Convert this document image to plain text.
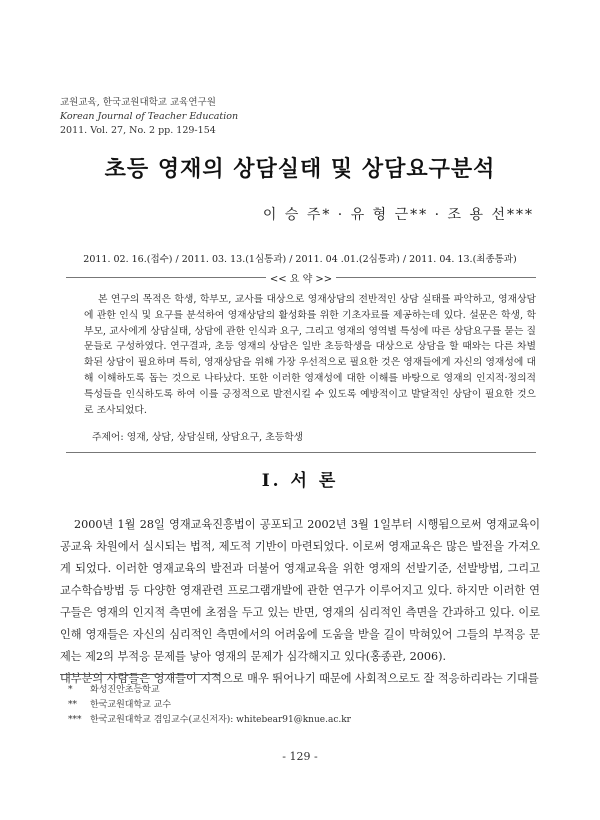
교원교육, 한국교원대학교 교육연구원
Korean Journal of Teacher Education
2011. Vol. 27, No. 2 pp. 129-154
초등 영재의 상담실태 및 상담요구분석
이 승 주* · 유 형 근** · 조 용 선***
2011. 02. 16.(접수) / 2011. 03. 13.(1심통과) / 2011. 04 .01.(2심통과) / 2011. 04. 13.(최종통과)
<< 요 약 >>

본 연구의 목적은 학생, 학부모, 교사를 대상으로 영재상담의 전반적인 상담 실태를 파악하고, 영재상담에 관한 인식 및 요구를 분석하여 영재상담의 활성화를 위한 기초자료를 제공하는데 있다. 설문은 학생, 학부모, 교사에게 상담실태, 상담에 관한 인식과 요구, 그리고 영재의 영역별 특성에 따른 상담요구를 묻는 질문들로 구성하였다. 연구결과, 초등 영재의 상담은 일반 초등학생을 대상으로 상담을 할 때와는 다른 차별화된 상담이 필요하며 특히, 영재상담을 위해 가장 우선적으로 필요한 것은 영재들에게 자신의 영재성에 대해 이해하도록 돕는 것으로 나타났다. 또한 이러한 영재성에 대한 이해를 바탕으로 영재의 인지적·정의적 특성들을 인식하도록 하여 이를 긍정적으로 발전시킬 수 있도록 예방적이고 발달적인 상담이 필요한 것으로 조사되었다.

주제어: 영재, 상담, 상담실태, 상담요구, 초등학생
I. 서 론

2000년 1월 28일 영재교육진흥법이 공포되고 2002년 3월 1일부터 시행됨으로써 영재교육이 공교육 차원에서 실시되는 법적, 제도적 기반이 마련되었다. 이로써 영재교육은 많은 발전을 가져오게 되었다. 이러한 영재교육의 발전과 더불어 영재교육을 위한 영재의 선발기준, 선발방법, 그리고 교수학습방법 등 다양한 영재관련 프로그램개발에 관한 연구가 이루어지고 있다. 하지만 이러한 연구들은 영재의 인지적 측면에 초점을 두고 있는 반면, 영재의 심리적인 측면을 간과하고 있다. 이로 인해 영재들은 자신의 심리적인 측면에서의 어려움에 도움을 받을 길이 막혀있어 그들의 부적응 문제는 제2의 부적응 문제를 낳아 영재의 문제가 심각해지고 있다(홍종관, 2006).

대부분의 사람들은 영재들이 지적으로 매우 뛰어나기 때문에 사회적으로도 잘 적응하리라는 기대를

* 화성진안초등학교
** 한국교원대학교 교수
*** 한국교원대학교 겸임교수(교신저자): whitebear91@knue.ac.kr
- 129 -
